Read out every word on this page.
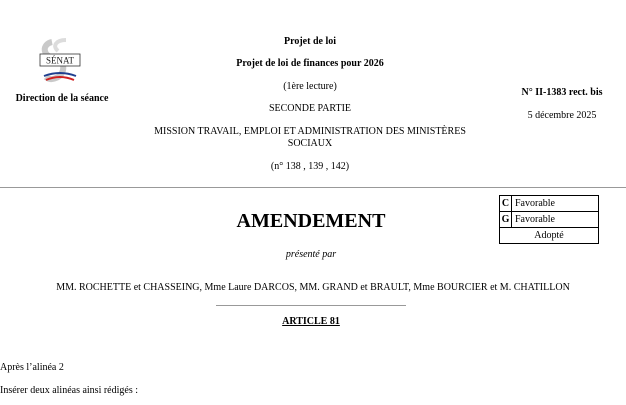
SÉNAT
Direction de la séance
Projet de loi
Projet de loi de finances pour 2026
(1ère lecture)
SECONDE PARTIE
MISSION TRAVAIL, EMPLOI ET ADMINISTRATION DES MINISTÈRES SOCIAUX
(n° 138 , 139 , 142)
N° II-1383 rect. bis
5 décembre 2025
C Favorable
G Favorable
Adopté
AMENDEMENT
présenté par
MM. ROCHETTE et CHASSEING, Mme Laure DARCOS, MM. GRAND et BRAULT, Mme BOURCIER et M. CHATILLON
ARTICLE 81
Après l’alinéa 2
Insérer deux alinéas ainsi rédigés :
